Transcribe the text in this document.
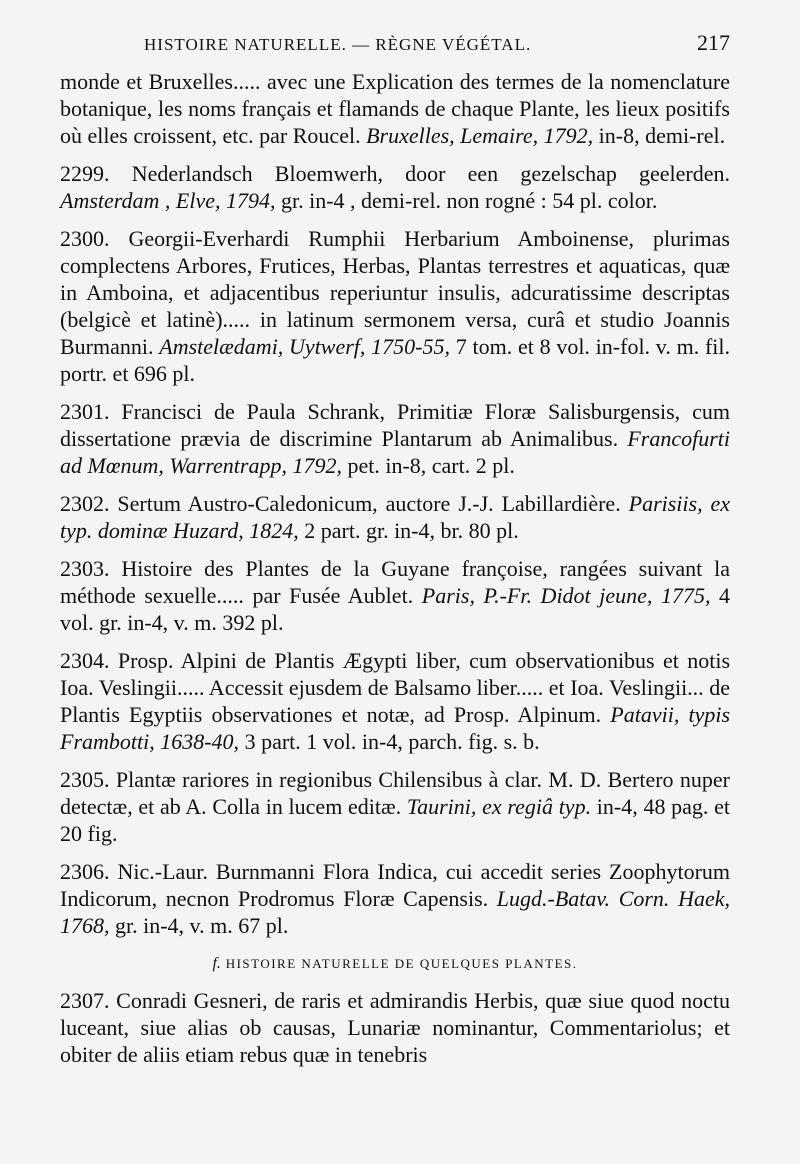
HISTOIRE NATURELLE. — RÈGNE VÉGÉTAL.	217
monde et Bruxelles..... avec une Explication des termes de la nomenclature botanique, les noms français et flamands de chaque Plante, les lieux positifs où elles croissent, etc. par Roucel. Bruxelles, Lemaire, 1792, in-8, demi-rel.
2299. Nederlandsch Bloemwerh, door een gezelschap geelerden. Amsterdam , Elve, 1794, gr. in-4 , demi-rel. non rogné : 54 pl. color.
2300. Georgii-Everhardi Rumphii Herbarium Amboinense, plurimas complectens Arbores, Frutices, Herbas, Plantas terrestres et aquaticas, quæ in Amboina, et adjacentibus reperiuntur insulis, adcuratissime descriptas (belgicè et latinè)..... in latinum sermonem versa, curâ et studio Joannis Burmanni. Amstelædami, Uytwerf, 1750-55, 7 tom. et 8 vol. in-fol. v. m. fil. portr. et 696 pl.
2301. Francisci de Paula Schrank, Primitiæ Floræ Salisburgensis, cum dissertatione prævia de discrimine Plantarum ab Animalibus. Francofurti ad Mœnum, Warrentrapp, 1792, pet. in-8, cart. 2 pl.
2302. Sertum Austro-Caledonicum, auctore J.-J. Labillardière. Parisiis, ex typ. dominæ Huzard, 1824, 2 part. gr. in-4, br. 80 pl.
2303. Histoire des Plantes de la Guyane françoise, rangées suivant la méthode sexuelle..... par Fusée Aublet. Paris, P.-Fr. Didot jeune, 1775, 4 vol. gr. in-4, v. m. 392 pl.
2304. Prosp. Alpini de Plantis Ægypti liber, cum observationibus et notis Ioa. Veslingii..... Accessit ejusdem de Balsamo liber..... et Ioa. Veslingii... de Plantis Egyptiis observationes et notæ, ad Prosp. Alpinum. Patavii, typis Frambotti, 1638-40, 3 part. 1 vol. in-4, parch. fig. s. b.
2305. Plantæ rariores in regionibus Chilensibus à clar. M. D. Bertero nuper detectæ, et ab A. Colla in lucem editæ. Taurini, ex regiâ typ. in-4, 48 pag. et 20 fig.
2306. Nic.-Laur. Burnmanni Flora Indica, cui accedit series Zoophytorum Indicorum, necnon Prodromus Floræ Capensis. Lugd.-Batav. Corn. Haek, 1768, gr. in-4, v. m. 67 pl.
f. HISTOIRE NATURELLE DE QUELQUES PLANTES.
2307. Conradi Gesneri, de raris et admirandis Herbis, quæ siue quod noctu luceant, siue alias ob causas, Lunariæ nominantur, Commentariolus; et obiter de aliis etiam rebus quæ in tenebris
